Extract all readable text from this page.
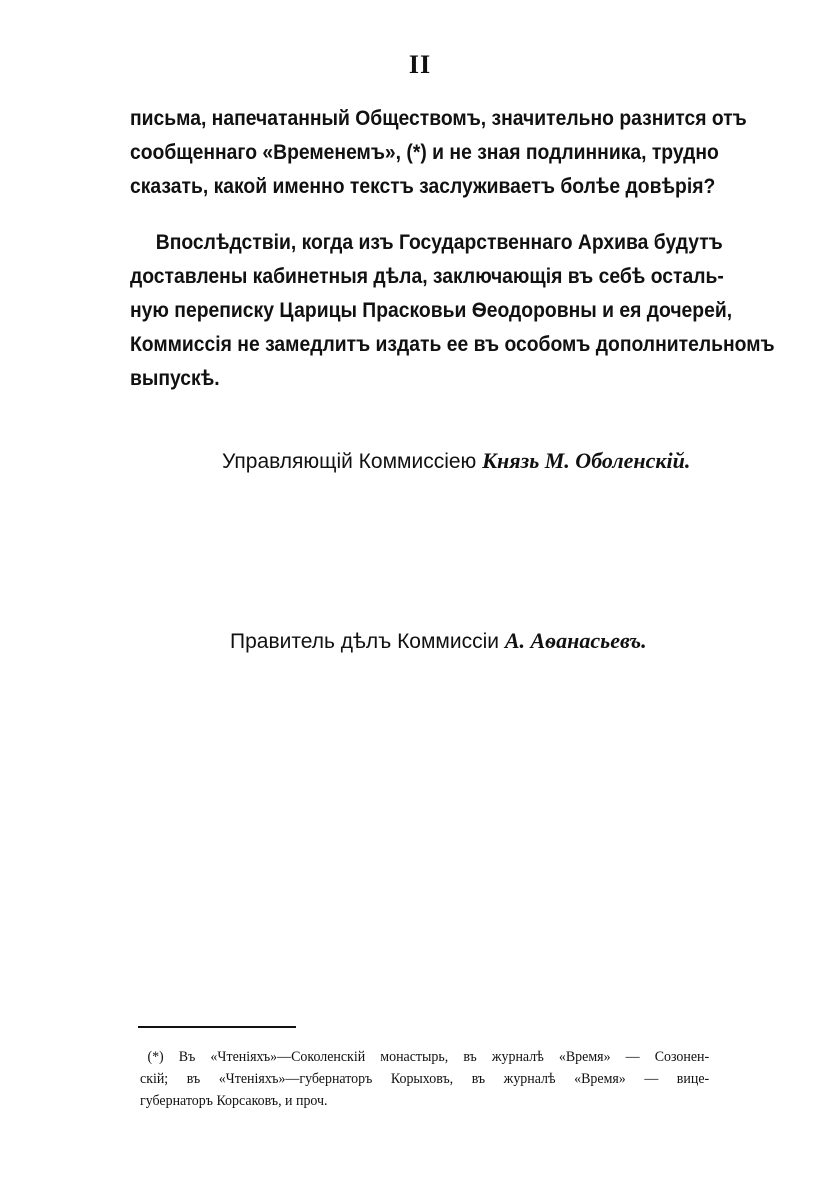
II
письма, напечатанный Обществомъ, значительно разнится отъ
сообщеннаго «Временемъ», (*) и не зная подлинника, трудно
сказать, какой именно текстъ заслуживаетъ болѣе довѣрія?
Впослѣдствіи, когда изъ Государственнаго Архива будутъ
доставлены кабинетныя дѣла, заключающія въ себѣ осталь-
ную переписку Царицы Прасковьи Ѳеодоровны и ея дочерей,
Коммиссія не замедлитъ издать ее въ особомъ дополнительномъ
выпускѣ.
Управляющій Коммиссіею Князь М. Оболенскій.
Правитель дѣлъ Коммиссіи А. Аѳанасьевъ.
(*) Въ «Чтеніяхъ»—Соколенскій монастырь, въ журналѣ «Время» — Созонен-
скій; въ «Чтеніяхъ»—губернаторъ Корыховъ, въ журналѣ «Время» — вице-
губернаторъ Корсаковъ, и проч.
